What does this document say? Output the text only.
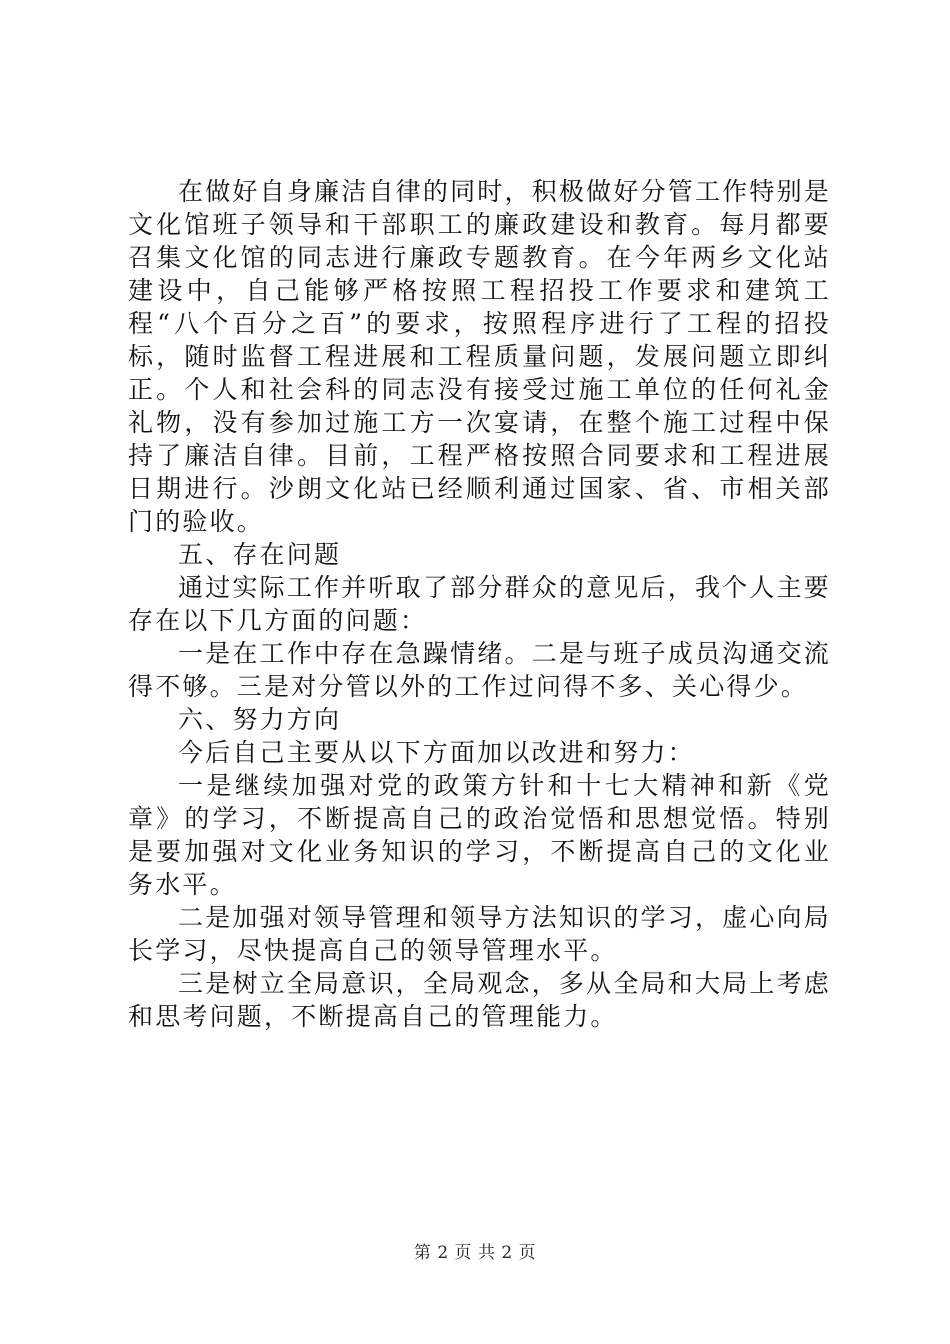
在做好自身廉洁自律的同时，积极做好分管工作特别是文化馆班子领导和干部职工的廉政建设和教育。每月都要召集文化馆的同志进行廉政专题教育。在今年两乡文化站建设中，自己能够严格按照工程招投工作要求和建筑工程“八个百分之百”的要求，按照程序进行了工程的招投标，随时监督工程进展和工程质量问题，发展问题立即纠正。个人和社会科的同志没有接受过施工单位的任何礼金礼物，没有参加过施工方一次宴请，在整个施工过程中保持了廉洁自律。目前，工程严格按照合同要求和工程进展日期进行。沙朗文化站已经顺利通过国家、省、市相关部门的验收。

五、存在问题

通过实际工作并听取了部分群众的意见后，我个人主要存在以下几方面的问题：

一是在工作中存在急躁情绪。二是与班子成员沟通交流得不够。三是对分管以外的工作过问得不多、关心得少。

六、努力方向

今后自己主要从以下方面加以改进和努力：

一是继续加强对党的政策方针和十七大精神和新《党章》的学习，不断提高自己的政治觉悟和思想觉悟。特别是要加强对文化业务知识的学习，不断提高自己的文化业务水平。

二是加强对领导管理和领导方法知识的学习，虚心向局长学习，尽快提高自己的领导管理水平。

三是树立全局意识，全局观念，多从全局和大局上考虑和思考问题，不断提高自己的管理能力。

第 2 页 共 2 页
